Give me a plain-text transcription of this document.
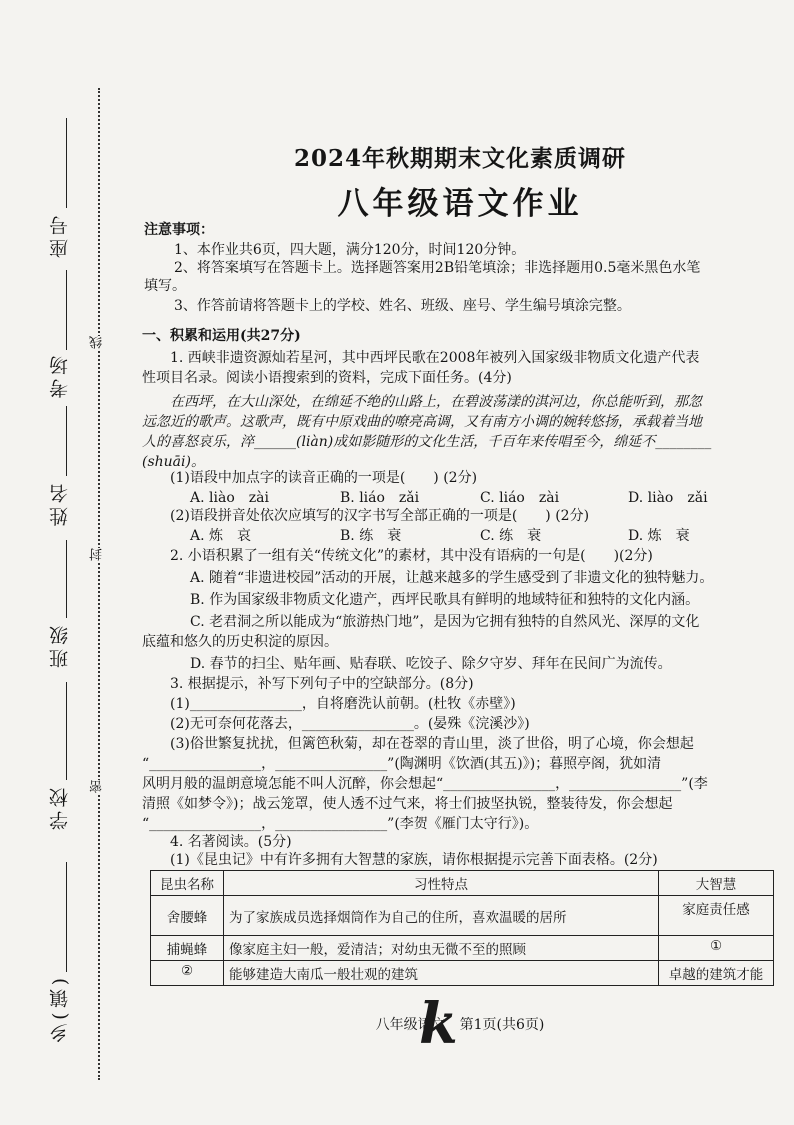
座号
考场
姓名
班级
学校
乡(镇)
线
封
密
2024年秋期期末文化素质调研
八年级语文作业
注意事项：
1、本作业共6页，四大题，满分120分，时间120分钟。
2、将答案填写在答题卡上。选择题答案用2B铅笔填涂；非选择题用0.5毫米黑色水笔
填写。
3、作答前请将答题卡上的学校、姓名、班级、座号、学生编号填涂完整。
一、积累和运用(共27分)
1. 西峡非遗资源灿若星河，其中西坪民歌在2008年被列入国家级非物质文化遗产代表
性项目名录。阅读小语搜索到的资料，完成下面任务。(4分)
在西坪，在大山深处，在绵延不绝的山路上，在碧波荡漾的淇河边，你总能听到，那忽
远忽近的歌声。这歌声，既有中原戏曲的嘹亮高调，又有南方小调的婉转悠扬，承载着当地
人的喜怒哀乐，淬______(liàn)成如影随形的文化生活，千百年来传唱至今，绵延不________
(shuāi)。
(1)语段中加点字的读音正确的一项是(　　) (2分)
A. liào　zài	B. liáo　zǎi	C. liáo　zài	D. liào　zǎi
(2)语段拼音处依次应填写的汉字书写全部正确的一项是(　　) (2分)
A. 炼　哀	B. 练　衰	C. 练　衰	D. 炼　衰
2. 小语积累了一组有关“传统文化”的素材，其中没有语病的一句是(　　)(2分)
A. 随着“非遗进校园”活动的开展，让越来越多的学生感受到了非遗文化的独特魅力。
B. 作为国家级非物质文化遗产，西坪民歌具有鲜明的地域特征和独特的文化内涵。
C. 老君洞之所以能成为“旅游热门地”，是因为它拥有独特的自然风光、深厚的文化
底蕴和悠久的历史积淀的原因。
D. 春节的扫尘、贴年画、贴春联、吃饺子、除夕守岁、拜年在民间广为流传。
3. 根据提示，补写下列句子中的空缺部分。(8分)
(1)________________，自将磨洗认前朝。(杜牧《赤壁》)
(2)无可奈何花落去，________________。(晏殊《浣溪沙》)
(3)俗世繁复扰扰，但篱笆秋菊，却在苍翠的青山里，淡了世俗，明了心境，你会想起
“________________，________________”(陶渊明《饮酒(其五)》)；暮照亭阁，犹如清
风明月般的温朗意境怎能不叫人沉醉，你会想起“________________，________________”(李
清照《如梦令》)；战云笼罩，使人透不过气来，将士们披坚执锐，整装待发，你会想起
“________________，________________”(李贺《雁门太守行》)。
4. 名著阅读。(5分)
(1)《昆虫记》中有许多拥有大智慧的家族，请你根据提示完善下面表格。(2分)
昆虫名称	习性特点	大智慧
舍腰蜂	为了家族成员选择烟筒作为自己的住所，喜欢温暖的居所	家庭责任感
捕蝇蜂	像家庭主妇一般，爱清洁；对幼虫无微不至的照顾	①
②	能够建造大南瓜一般壮观的建筑	卓越的建筑才能
八年级语文　第1页(共6页)
k
